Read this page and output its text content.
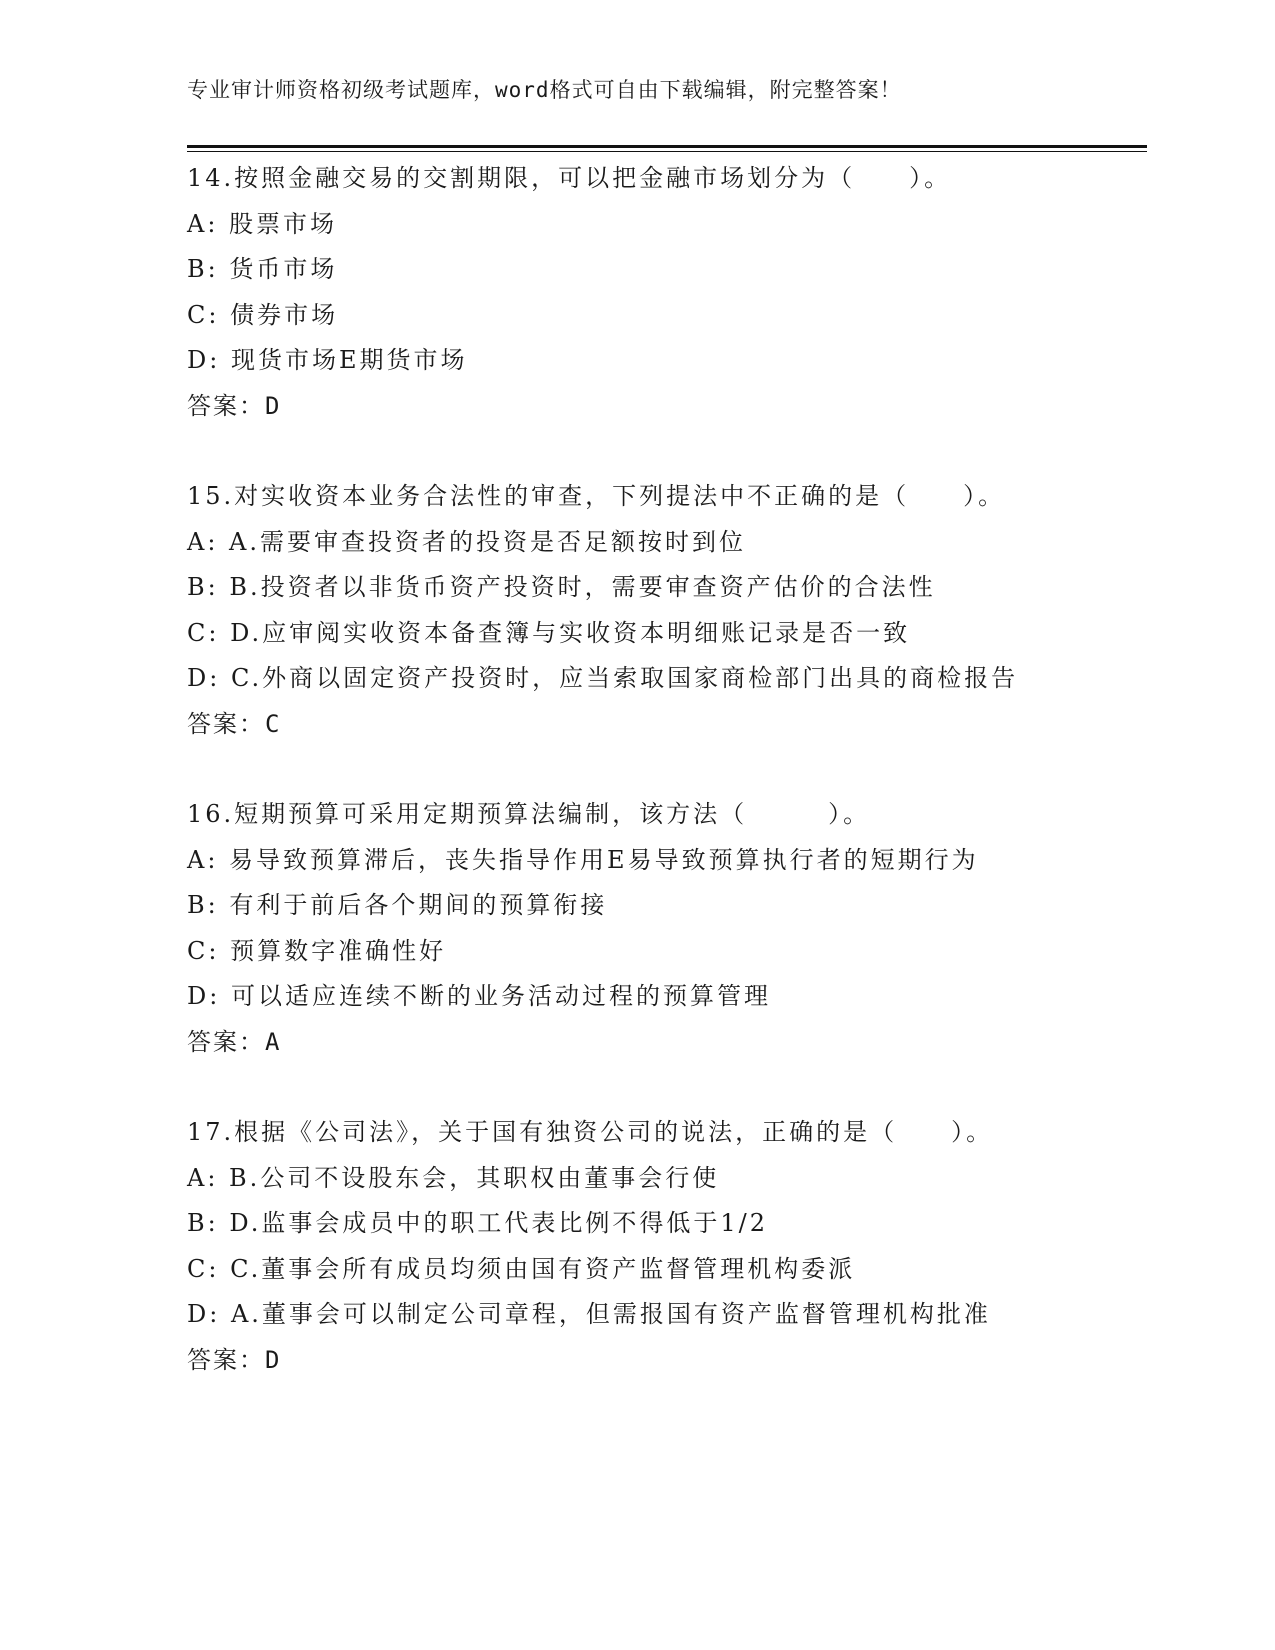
专业审计师资格初级考试题库，word格式可自由下载编辑，附完整答案！
14.按照金融交易的交割期限，可以把金融市场划分为（　　）。
A: 股票市场
B: 货币市场
C: 债券市场
D: 现货市场E期货市场
答案：D
15.对实收资本业务合法性的审查，下列提法中不正确的是（　　）。
A: A.需要审查投资者的投资是否足额按时到位
B: B.投资者以非货币资产投资时，需要审查资产估价的合法性
C: D.应审阅实收资本备查簿与实收资本明细账记录是否一致
D: C.外商以固定资产投资时，应当索取国家商检部门出具的商检报告
答案：C
16.短期预算可采用定期预算法编制，该方法（　　　）。
A: 易导致预算滞后，丧失指导作用E易导致预算执行者的短期行为
B: 有利于前后各个期间的预算衔接
C: 预算数字准确性好
D: 可以适应连续不断的业务活动过程的预算管理
答案：A
17.根据《公司法》，关于国有独资公司的说法，正确的是（　　）。
A: B.公司不设股东会，其职权由董事会行使
B: D.监事会成员中的职工代表比例不得低于1/2
C: C.董事会所有成员均须由国有资产监督管理机构委派
D: A.董事会可以制定公司章程，但需报国有资产监督管理机构批准
答案：D
